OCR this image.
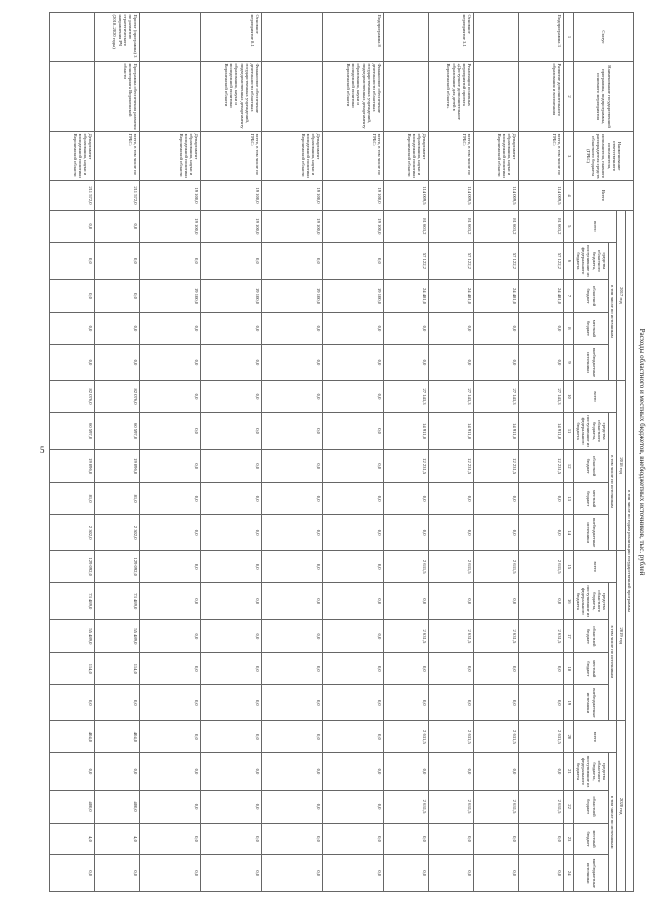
5	Расходы областного и местных бюджетов, внебюджетных источников, тыс. рублей
Статус	Наименование государственной программы, подпрограммы, основного мероприятия	Наименование ответственного исполнителя, исполнителя, главного распорядителя средств областного бюджета (ГРБС)	Всего	в том числе по годам реализации государственной программы																			
				2017 год					2018 год					2019 год					2020 год				
				всего	в том числе по источникам				всего	в том числе по источникам				всего	в том числе по источникам				всего	в том числе по источникам			
					средства областного бюджета, поступившие из федерального бюджета	областной бюджет	местный бюджет	внебюджетные источники		средства областного бюджета, поступившие из федерального бюджета	областной бюджет	местный бюджет	внебюджетные источники		средства областного бюджета, поступившие из федерального бюджета	областной бюджет	местный бюджет	внебюджетные источники		средства областного бюджета, поступившие из федерального бюджета	областной бюджет	местный бюджет	внебюджетные источники
1	2	3	4	5	6	7	8	9	10	11	12	13	14	15	16	17	18	19	20	21	22	23	24
Подпрограмма 3	Развитие дополнительного образования и воспитания	всего, в том числе по ГРБС:	114 009,5	81 603,2	57 122,2	24 481,0	0,0	0,0	27 143,3	14 911,8	12 231,5	0,0	0,0	2 631,5	0,0	2 631,5	0,0	0,0	2 631,5	0,0	2 631,5	0,0	0,0
		Департамент образования, науки и молодежной политики Воронежской области	114 009,5	81 603,2	57 122,2	24 481,0	0,0	0,0	27 143,3	14 911,8	12 231,5	0,0	0,0	2 631,5	0,0	2 631,5	0,0	0,0	2 631,5	0,0	2 631,5	0,0	0,0
Основное мероприятие 3.1	Реализация основных мероприятий проекта «Доступное дополнительное образование для детей в Воронежской области»	всего, в том числе по ГРБС:	114 009,5	81 603,2	57 122,2	24 481,0	0,0	0,0	27 143,3	14 911,8	12 231,5	0,0	0,0	2 631,5	0,0	2 631,5	0,0	0,0	2 631,5	0,0	2 631,5	0,0	0,0
		Департамент образования, науки и молодежной политики Воронежской области	114 009,5	81 603,2	57 122,2	24 481,0	0,0	0,0	27 143,3	14 911,8	12 231,5	0,0	0,0	2 631,5	0,0	2 631,5	0,0	0,0	2 631,5	0,0	2 631,5	0,0	0,0
Подпрограмма 8	Финансовое обеспечение деятельности областных государственных учреждений, подведомственных департаменту образования, науки и молодежной политики Воронежской области	всего, в том числе по ГРБС:	19 100,0	19 100,0	0,0	19 100,0	0,0	0,0	0,0	0,0	0,0	0,0	0,0	0,0	0,0	0,0	0,0	0,0	0,0	0,0	0,0	0,0	0,0
		Департамент образования, науки и молодежной политики Воронежской области	19 100,0	19 100,0	0,0	19 100,0	0,0	0,0	0,0	0,0	0,0	0,0	0,0	0,0	0,0	0,0	0,0	0,0	0,0	0,0	0,0	0,0	0,0
Основное мероприятие 8.1	Финансовое обеспечение деятельности областных государственных учреждений, подведомственных департаменту образования, науки и молодежной политики Воронежской области	всего, в том числе по ГРБС:	19 100,0	19 100,0	0,0	19 100,0	0,0	0,0	0,0	0,0	0,0	0,0	0,0	0,0	0,0	0,0	0,0	0,0	0,0	0,0	0,0	0,0	0,0
		Департамент образования, науки и молодежной политики Воронежской области	19 100,0	19 100,0	0,0	19 100,0	0,0	0,0	0,0	0,0	0,0	0,0	0,0	0,0	0,0	0,0	0,0	0,0	0,0	0,0	0,0	0,0	0,0
Проект (программа) 3 по развитию стратегического направления РЧ (2018–2020 годы)	Программа обеспечения развития мониторинга Воронежской области	всего, в том числе по ГРБС:	211 572,0	0,0	0,0	0,0	0,0	0,0	82 076,0	60 597,0	19 096,0	81,0	2 302,0	129 092,0	73 489,0	55 489,0	114,0	0,0	404,0	0,0	400,0	4,0	0,0
		Департамент образования, науки и молодежной политики Воронежской области	211 572,0	0,0	0,0	0,0	0,0	0,0	82 076,0	60 597,0	19 096,0	81,0	2 302,0	129 092,0	73 489,0	55 489,0	114,0	0,0	404,0	0,0	400,0	4,0	0,0
